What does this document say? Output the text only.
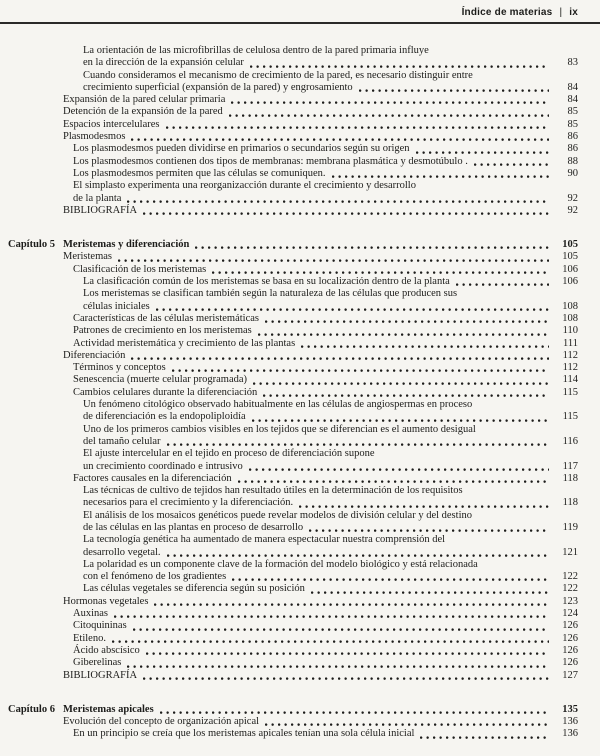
Índice de materias | ix
La orientación de las microfibrillas de celulosa dentro de la pared primaria influye
en la dirección de la expansión celular	83
Cuando consideramos el mecanismo de crecimiento de la pared, es necesario distinguir entre
crecimiento superficial (expansión de la pared) y engrosamiento	84
Expansión de la pared celular primaria	84
Detención de la expansión de la pared	85
Espacios intercelulares	85
Plasmodesmos	86
Los plasmodesmos pueden dividirse en primarios o secundarios según su origen	86
Los plasmodesmos contienen dos tipos de membranas: membrana plasmática y desmotúbulo .	88
Los plasmodesmos permiten que las células se comuniquen.	90
El simplasto experimenta una reorganizacción durante el crecimiento y desarrollo
de la planta	92
BIBLIOGRAFÍA	92
Capítulo 5 Meristemas y diferenciación	105
Meristemas	105
Clasificación de los meristemas	106
La clasificación común de los meristemas se basa en su localización dentro de la planta	106
Los meristemas se clasifican también según la naturaleza de las células que producen sus
células iniciales	108
Características de las células meristemáticas	108
Patrones de crecimiento en los meristemas	110
Actividad meristemática y crecimiento de las plantas	111
Diferenciación	112
Términos y conceptos	112
Senescencia (muerte celular programada)	114
Cambios celulares durante la diferenciación	115
Un fenómeno citológico observado habitualmente en las células de angiospermas en proceso
de diferenciación es la endopoliploidía	115
Uno de los primeros cambios visibles en los tejidos que se diferencian es el aumento desigual
del tamaño celular	116
El ajuste intercelular en el tejido en proceso de diferenciación supone
un crecimiento coordinado e intrusivo	117
Factores causales en la diferenciación	118
Las técnicas de cultivo de tejidos han resultado útiles en la determinación de los requisitos
necesarios para el crecimiento y la diferenciación.	118
El análisis de los mosaicos genéticos puede revelar modelos de división celular y del destino
de las células en las plantas en proceso de desarrollo	119
La tecnología genética ha aumentado de manera espectacular nuestra comprensión del
desarrollo vegetal.	121
La polaridad es un componente clave de la formación del modelo biológico y está relacionada
con el fenómeno de los gradientes	122
Las células vegetales se diferencia según su posición	122
Hormonas vegetales	123
Auxinas	124
Citoquininas	126
Etileno.	126
Ácido abscísico	126
Giberelinas	126
BIBLIOGRAFÍA	127
Capítulo 6 Meristemas apicales	135
Evolución del concepto de organización apical	136
En un principio se creía que los meristemas apicales tenían una sola célula inicial	136
